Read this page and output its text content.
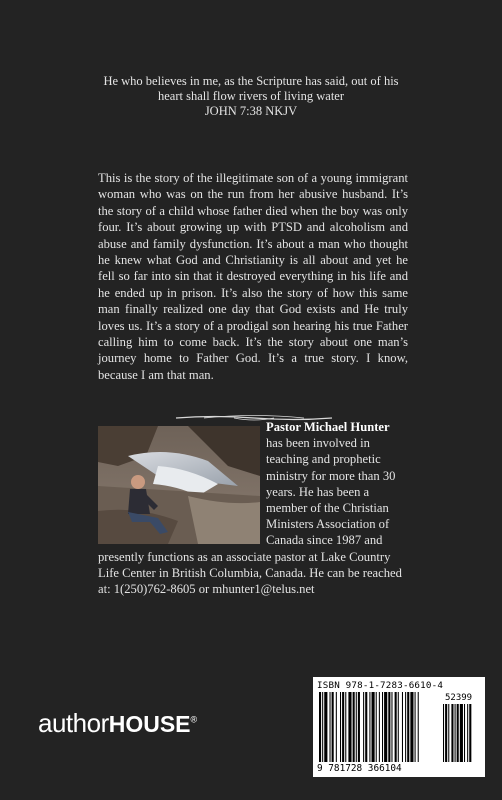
He who believes in me, as the Scripture has said, out of his
heart shall flow rivers of living water
JOHN 7:38 NKJV
This is the story of the illegitimate son of a young immigrant woman who was on the run from her abusive husband. It’s the story of a child whose father died when the boy was only four. It’s about growing up with PTSD and alcoholism and abuse and family dysfunction. It’s about a man who thought he knew what God and Christianity is all about and yet he fell so far into sin that it destroyed everything in his life and he ended up in prison. It’s also the story of how this same man finally realized one day that God exists and He truly loves us. It’s a story of a prodigal son hearing his true Father calling him to come back. It’s the story about one man’s journey home to Father God. It’s a true story. I know, because I am that man.
Pastor Michael Hunter has been involved in teaching and prophetic ministry for more than 30 years. He has been a member of the Christian Ministers Association of Canada since 1987 and presently functions as an associate pastor at Lake Country Life Center in British Columbia, Canada. He can be reached at: 1(250)762-8605 or mhunter1@telus.net
authorHOUSE®
ISBN 978-1-7283-6610-4
52399
9 781728 366104
